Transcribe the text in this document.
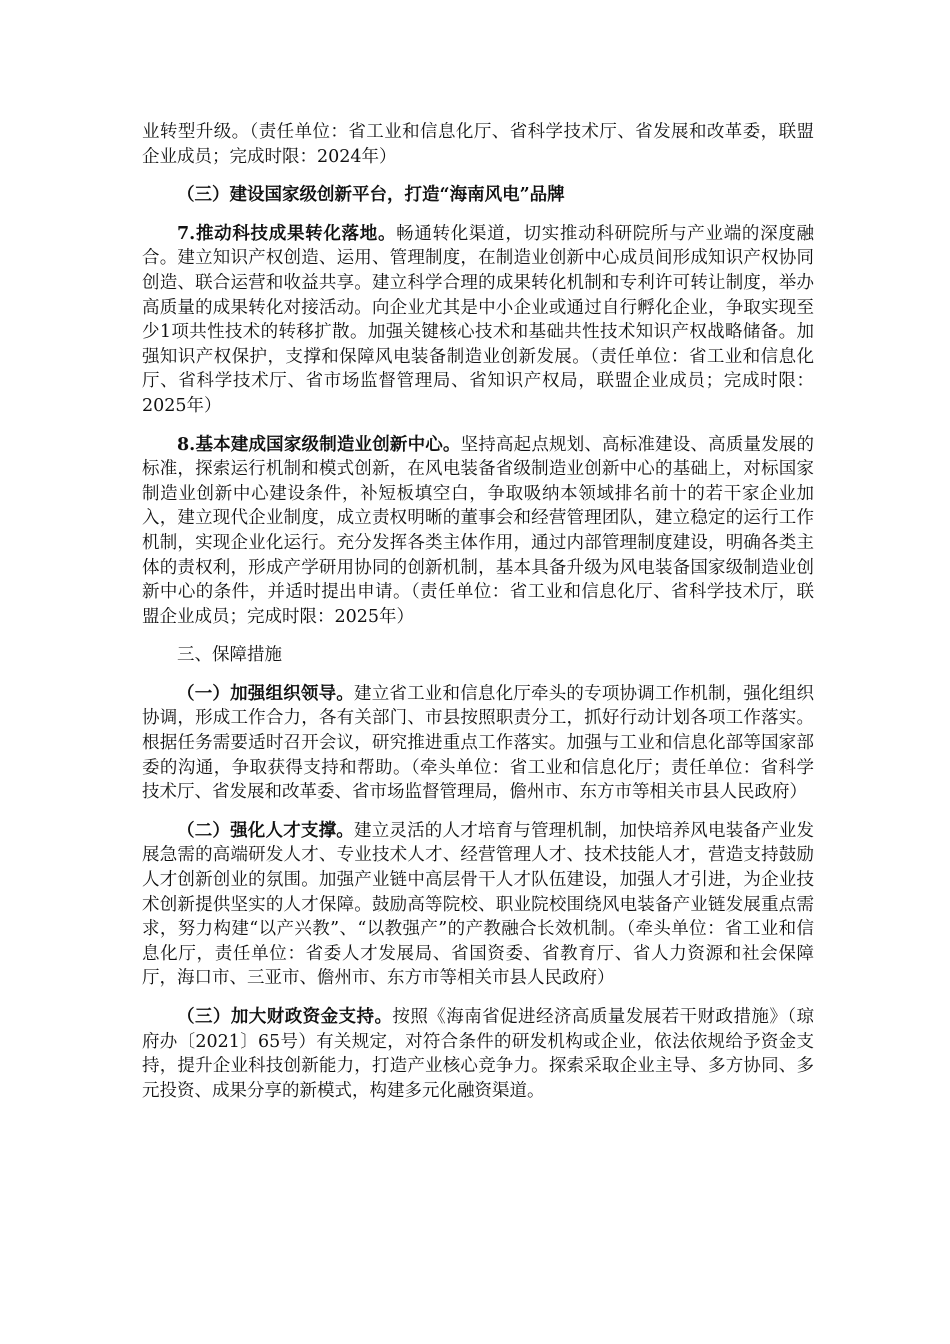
业转型升级。（责任单位：省工业和信息化厅、省科学技术厅、省发展和改革委，联盟企业成员；完成时限：2024年）

（三）建设国家级创新平台，打造“海南风电”品牌

7.推动科技成果转化落地。畅通转化渠道，切实推动科研院所与产业端的深度融合。建立知识产权创造、运用、管理制度，在制造业创新中心成员间形成知识产权协同创造、联合运营和收益共享。建立科学合理的成果转化机制和专利许可转让制度，举办高质量的成果转化对接活动。向企业尤其是中小企业或通过自行孵化企业，争取实现至少1项共性技术的转移扩散。加强关键核心技术和基础共性技术知识产权战略储备。加强知识产权保护，支撑和保障风电装备制造业创新发展。（责任单位：省工业和信息化厅、省科学技术厅、省市场监督管理局、省知识产权局，联盟企业成员；完成时限：2025年）

8.基本建成国家级制造业创新中心。坚持高起点规划、高标准建设、高质量发展的标准，探索运行机制和模式创新，在风电装备省级制造业创新中心的基础上，对标国家制造业创新中心建设条件，补短板填空白，争取吸纳本领域排名前十的若干家企业加入，建立现代企业制度，成立责权明晰的董事会和经营管理团队，建立稳定的运行工作机制，实现企业化运行。充分发挥各类主体作用，通过内部管理制度建设，明确各类主体的责权利，形成产学研用协同的创新机制，基本具备升级为风电装备国家级制造业创新中心的条件，并适时提出申请。（责任单位：省工业和信息化厅、省科学技术厅，联盟企业成员；完成时限：2025年）

三、保障措施

（一）加强组织领导。建立省工业和信息化厅牵头的专项协调工作机制，强化组织协调，形成工作合力，各有关部门、市县按照职责分工，抓好行动计划各项工作落实。根据任务需要适时召开会议，研究推进重点工作落实。加强与工业和信息化部等国家部委的沟通，争取获得支持和帮助。（牵头单位：省工业和信息化厅；责任单位：省科学技术厅、省发展和改革委、省市场监督管理局，儋州市、东方市等相关市县人民政府）

（二）强化人才支撑。建立灵活的人才培育与管理机制，加快培养风电装备产业发展急需的高端研发人才、专业技术人才、经营管理人才、技术技能人才，营造支持鼓励人才创新创业的氛围。加强产业链中高层骨干人才队伍建设，加强人才引进，为企业技术创新提供坚实的人才保障。鼓励高等院校、职业院校围绕风电装备产业链发展重点需求，努力构建“以产兴教”、“以教强产”的产教融合长效机制。（牵头单位：省工业和信息化厅，责任单位：省委人才发展局、省国资委、省教育厅、省人力资源和社会保障厅，海口市、三亚市、儋州市、东方市等相关市县人民政府）

（三）加大财政资金支持。按照《海南省促进经济高质量发展若干财政措施》（琼府办〔2021〕65号）有关规定，对符合条件的研发机构或企业，依法依规给予资金支持，提升企业科技创新能力，打造产业核心竞争力。探索采取企业主导、多方协同、多元投资、成果分享的新模式，构建多元化融资渠道。
